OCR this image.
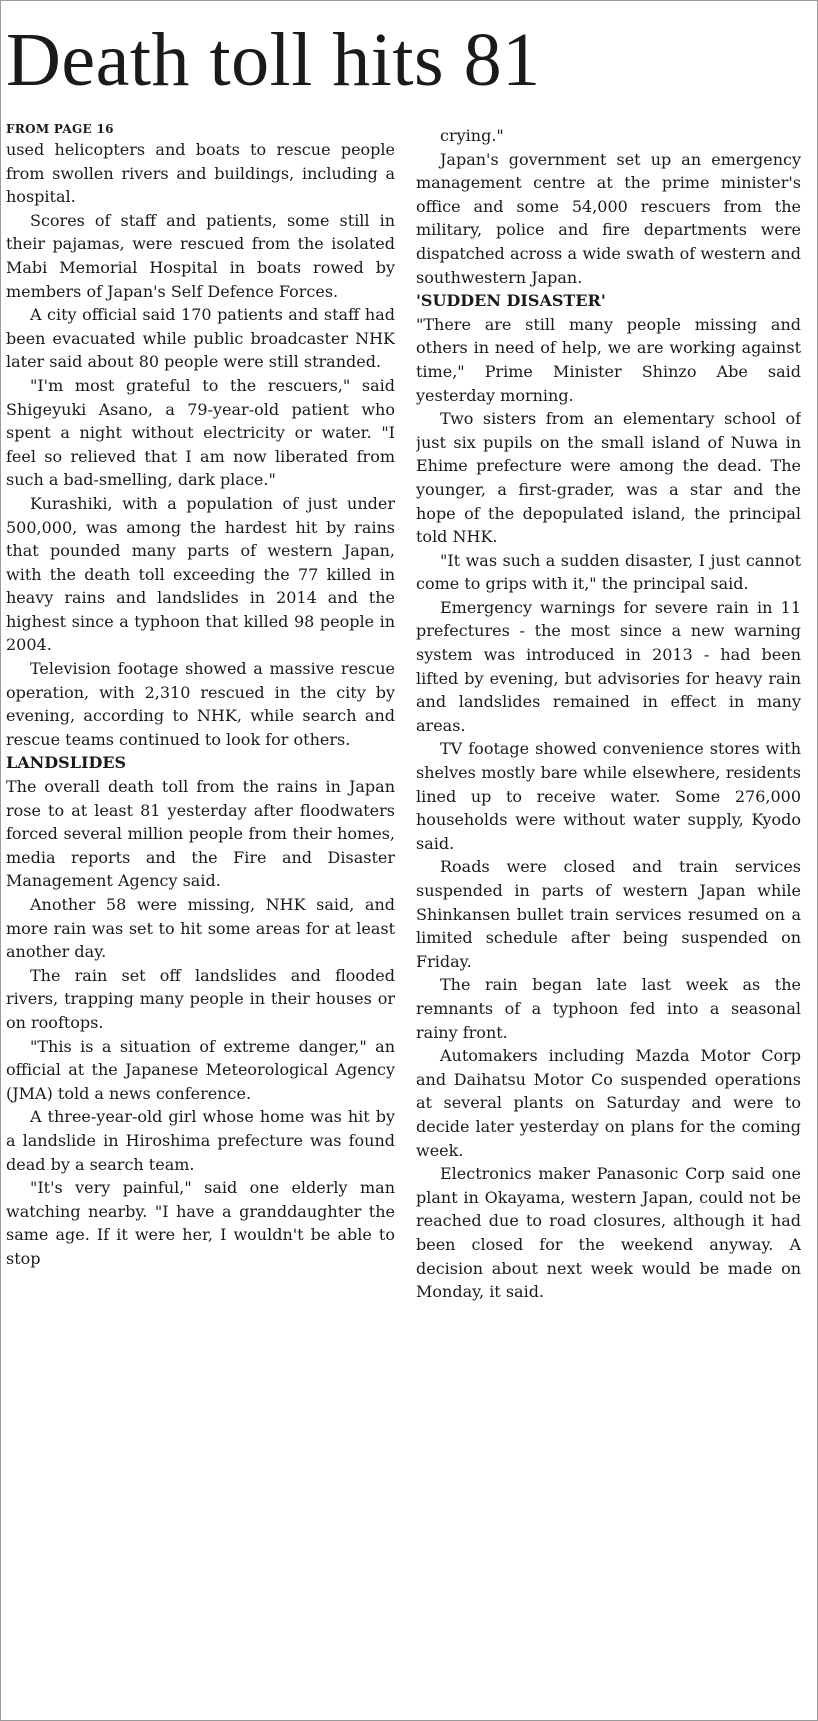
Death toll hits 81
FROM PAGE 16

used helicopters and boats to rescue people from swollen rivers and buildings, including a hospital.

Scores of staff and patients, some still in their pajamas, were rescued from the isolated Mabi Memorial Hospital in boats rowed by members of Japan's Self Defence Forces.

A city official said 170 patients and staff had been evacuated while public broadcaster NHK later said about 80 people were still stranded.

"I'm most grateful to the rescuers," said Shigeyuki Asano, a 79-year-old patient who spent a night without electricity or water. "I feel so relieved that I am now liberated from such a bad-smelling, dark place."

Kurashiki, with a population of just under 500,000, was among the hardest hit by rains that pounded many parts of western Japan, with the death toll exceeding the 77 killed in heavy rains and landslides in 2014 and the highest since a typhoon that killed 98 people in 2004.

Television footage showed a massive rescue operation, with 2,310 rescued in the city by evening, according to NHK, while search and rescue teams continued to look for others.

LANDSLIDES

The overall death toll from the rains in Japan rose to at least 81 yesterday after floodwaters forced several million people from their homes, media reports and the Fire and Disaster Management Agency said.

Another 58 were missing, NHK said, and more rain was set to hit some areas for at least another day.

The rain set off landslides and flooded rivers, trapping many people in their houses or on rooftops.

"This is a situation of extreme danger," an official at the Japanese Meteorological Agency (JMA) told a news conference.

A three-year-old girl whose home was hit by a landslide in Hiroshima prefecture was found dead by a search team.

"It's very painful," said one elderly man watching nearby. "I have a granddaughter the same age. If it were her, I wouldn't be able to stop

crying."

Japan's government set up an emergency management centre at the prime minister's office and some 54,000 rescuers from the military, police and fire departments were dispatched across a wide swath of western and southwestern Japan.

'SUDDEN DISASTER'

"There are still many people missing and others in need of help, we are working against time," Prime Minister Shinzo Abe said yesterday morning.

Two sisters from an elementary school of just six pupils on the small island of Nuwa in Ehime prefecture were among the dead. The younger, a first-grader, was a star and the hope of the depopulated island, the principal told NHK.

"It was such a sudden disaster, I just cannot come to grips with it," the principal said.

Emergency warnings for severe rain in 11 prefectures - the most since a new warning system was introduced in 2013 - had been lifted by evening, but advisories for heavy rain and landslides remained in effect in many areas.

TV footage showed convenience stores with shelves mostly bare while elsewhere, residents lined up to receive water. Some 276,000 households were without water supply, Kyodo said.

Roads were closed and train services suspended in parts of western Japan while Shinkansen bullet train services resumed on a limited schedule after being suspended on Friday.

The rain began late last week as the remnants of a typhoon fed into a seasonal rainy front.

Automakers including Mazda Motor Corp and Daihatsu Motor Co suspended operations at several plants on Saturday and were to decide later yesterday on plans for the coming week.

Electronics maker Panasonic Corp said one plant in Okayama, western Japan, could not be reached due to road closures, although it had been closed for the weekend anyway. A decision about next week would be made on Monday, it said.
